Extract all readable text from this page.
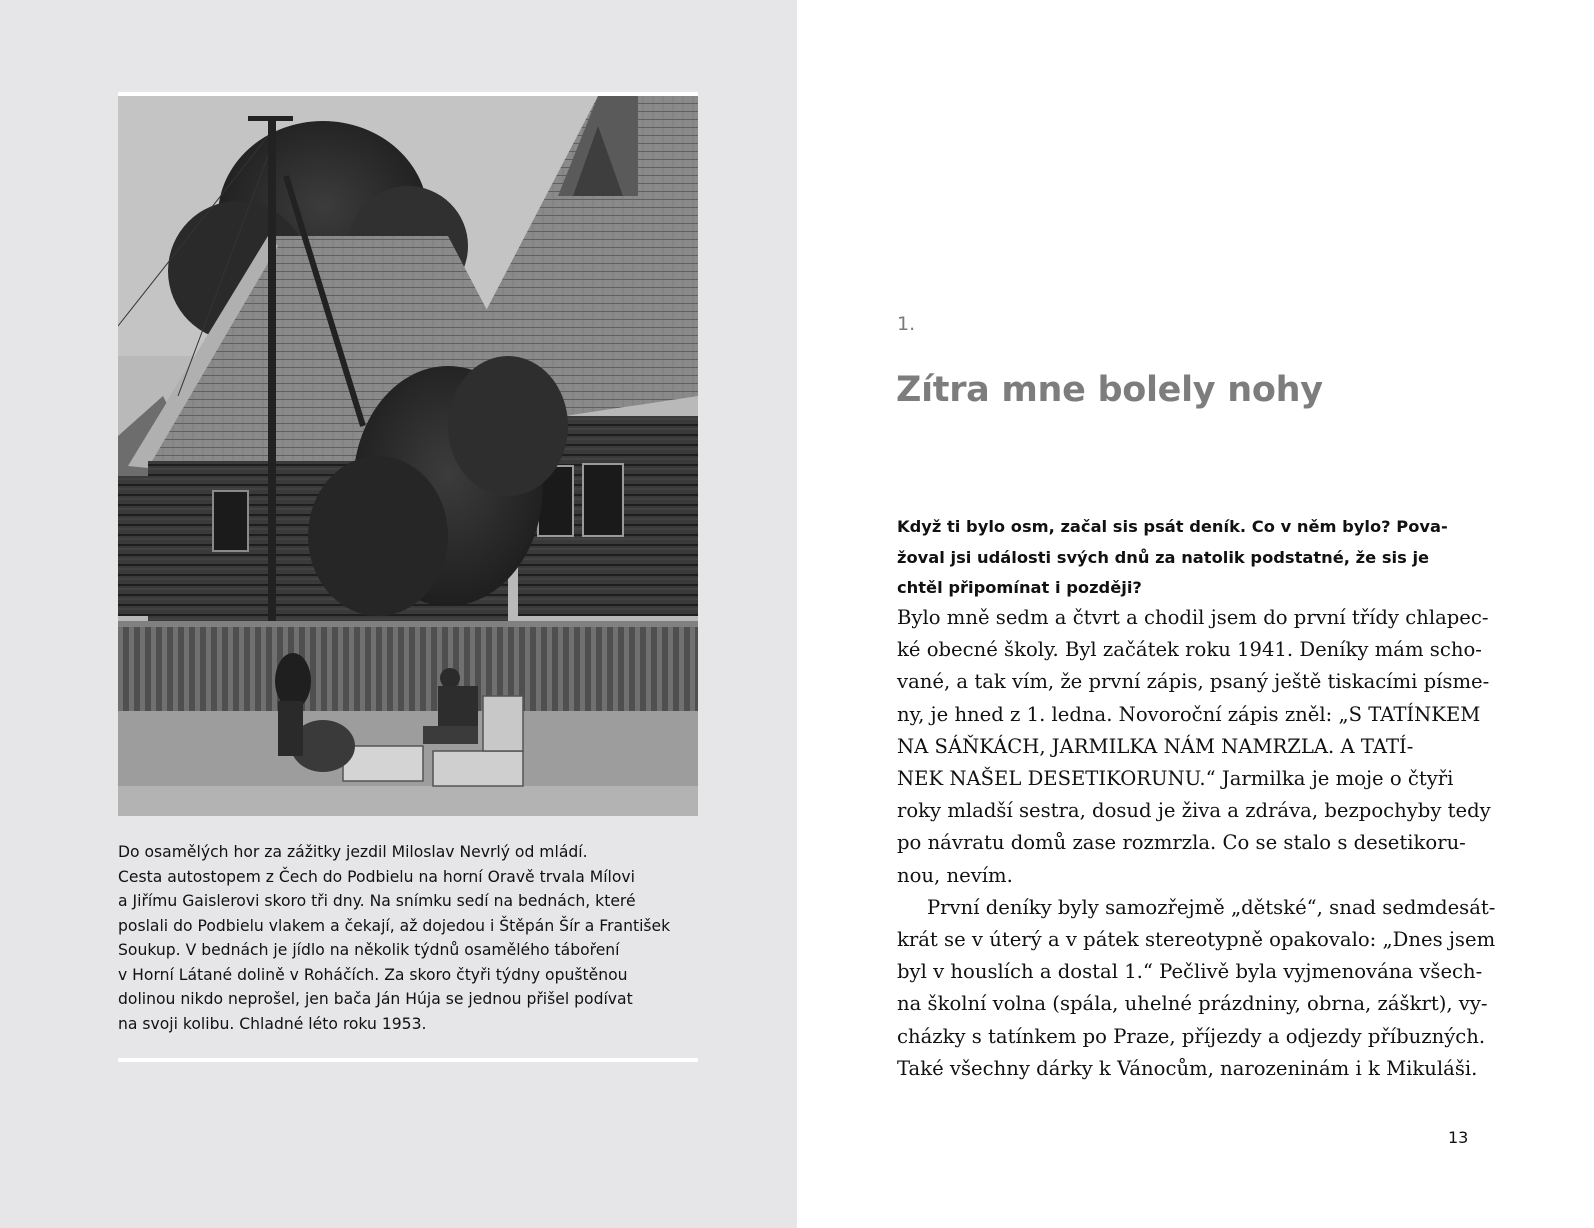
Do osamělých hor za zážitky jezdil Miloslav Nevrlý od mládí.
Cesta autostopem z Čech do Podbielu na horní Oravě trvala Mílovi
a Jiřímu Gaislerovi skoro tři dny. Na snímku sedí na bednách, které
poslali do Podbielu vlakem a čekají, až dojedou i Štěpán Šír a František
Soukup. V bednách je jídlo na několik týdnů osamělého táboření
v Horní Látané dolině v Roháčích. Za skoro čtyři týdny opuštěnou
dolinou nikdo neprošel, jen bača Ján Húja se jednou přišel podívat
na svoji kolibu. Chladné léto roku 1953.

1.
Zítra mne bolely nohy

Když ti bylo osm, začal sis psát deník. Co v něm bylo? Pova-
žoval jsi události svých dnů za natolik podstatné, že sis je
chtěl připomínat i později?

Bylo mně sedm a čtvrt a chodil jsem do první třídy chlapec-
ké obecné školy. Byl začátek roku 1941. Deníky mám scho-
vané, a tak vím, že první zápis, psaný ještě tiskacími písme-
ny, je hned z 1. ledna. Novoroční zápis zněl: „S TATÍNKEM
NA SÁŇKÁCH, JARMILKA NÁM NAMRZLA. A TATÍ-
NEK NAŠEL DESETIKORUNU.“ Jarmilka je moje o čtyři
roky mladší sestra, dosud je živa a zdráva, bezpochyby tedy
po návratu domů zase rozmrzla. Co se stalo s desetikoru-
nou, nevím.
První deníky byly samozřejmě „dětské“, snad sedmdesát-
krát se v úterý a v pátek stereotypně opakovalo: „Dnes jsem
byl v houslích a dostal 1.“ Pečlivě byla vyjmenována všech-
na školní volna (spála, uhelné prázdniny, obrna, záškrt), vy-
cházky s tatínkem po Praze, příjezdy a odjezdy příbuzných.
Také všechny dárky k Vánocům, narozeninám i k Mikuláši.

13
